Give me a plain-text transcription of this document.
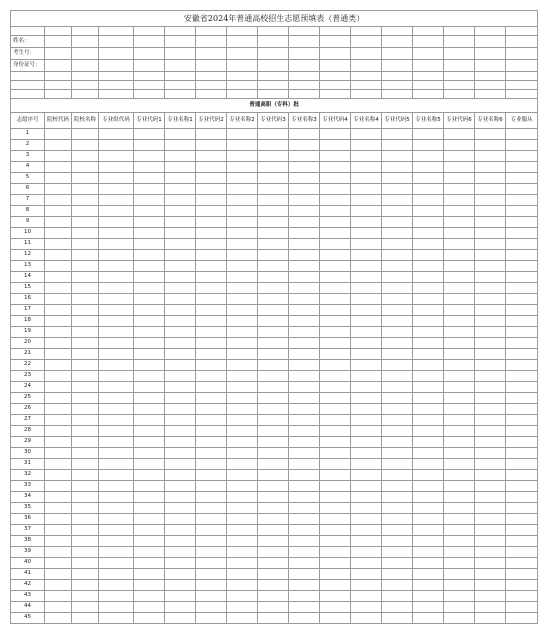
安徽省2024年普通高校招生志愿预填表（普通类）																

姓名：																
考生号：																
身份证号：																

普通高职（专科）批																
志愿序号	院校代码	院校名称	专业组代码	专业代码1	专业名称1	专业代码2	专业名称2	专业代码3	专业名称3	专业代码4	专业名称4	专业代码5	专业名称5	专业代码6	专业名称6	专业服从
1																
2																
3																
4																
5																
6																
7																
8																
9																
10																
11																
12																
13																
14																
15																
16																
17																
18																
19																
20																
21																
22																
23																
24																
25																
26																
27																
28																
29																
30																
31																
32																
33																
34																
35																
36																
37																
38																
39																
40																
41																
42																
43																
44																
45																
